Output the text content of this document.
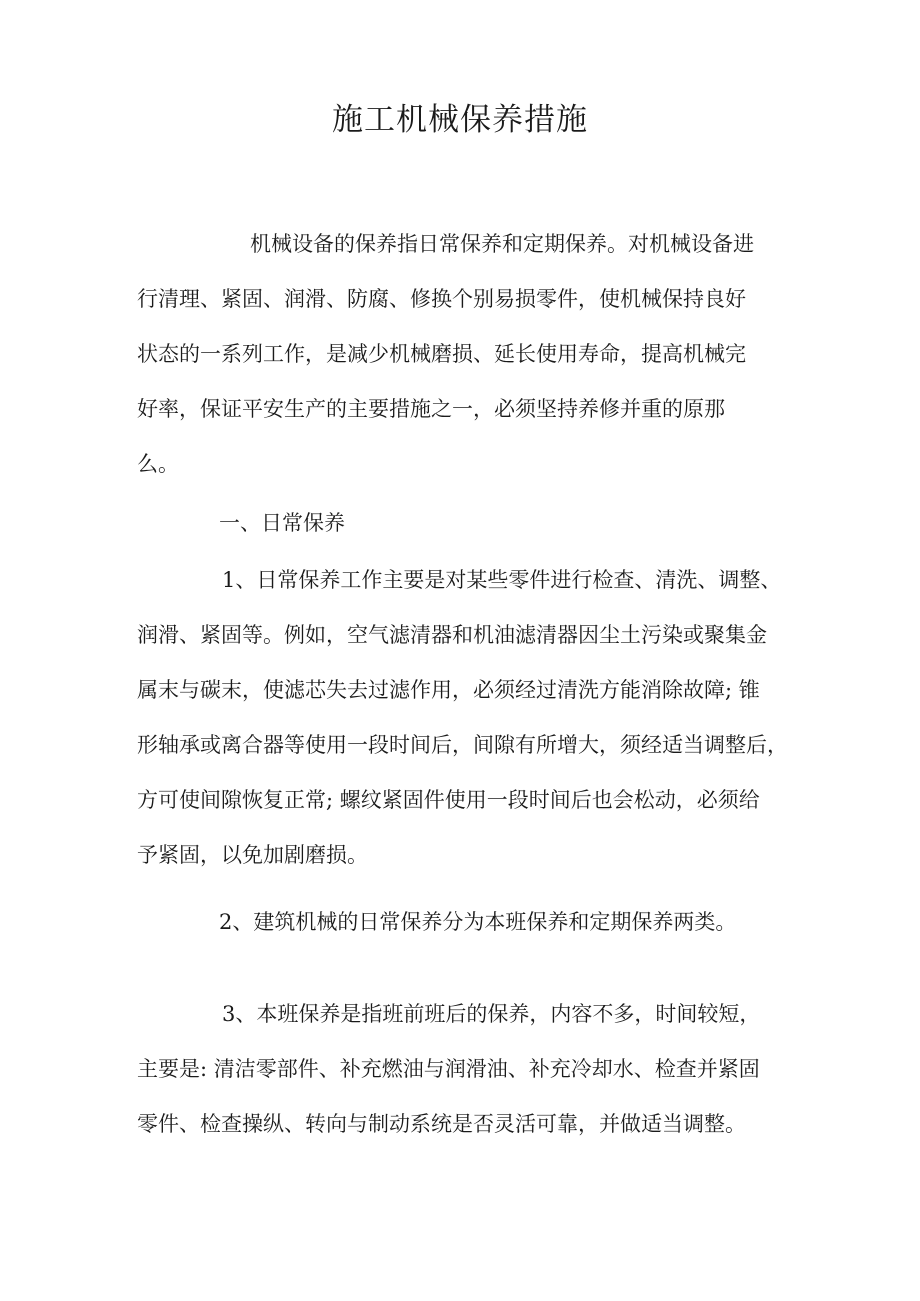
施工机械保养措施

机械设备的保养指日常保养和定期保养。对机械设备进

行清理、紧固、润滑、防腐、修换个别易损零件，使机械保持良好

状态的一系列工作，是减少机械磨损、延长使用寿命，提高机械完

好率，保证平安生产的主要措施之一，必须坚持养修并重的原那

么。

一、日常保养

1、日常保养工作主要是对某些零件进行检查、清洗、调整、

润滑、紧固等。例如，空气滤清器和机油滤清器因尘土污染或聚集金

属末与碳末，使滤芯失去过滤作用，必须经过清洗方能消除故障; 锥

形轴承或离合器等使用一段时间后，间隙有所增大，须经适当调整后，

方可使间隙恢复正常; 螺纹紧固件使用一段时间后也会松动，必须给

予紧固，以免加剧磨损。

2、建筑机械的日常保养分为本班保养和定期保养两类。

3、本班保养是指班前班后的保养，内容不多，时间较短，

主要是: 清洁零部件、补充燃油与润滑油、补充冷却水、检查并紧固

零件、检查操纵、转向与制动系统是否灵活可靠，并做适当调整。
